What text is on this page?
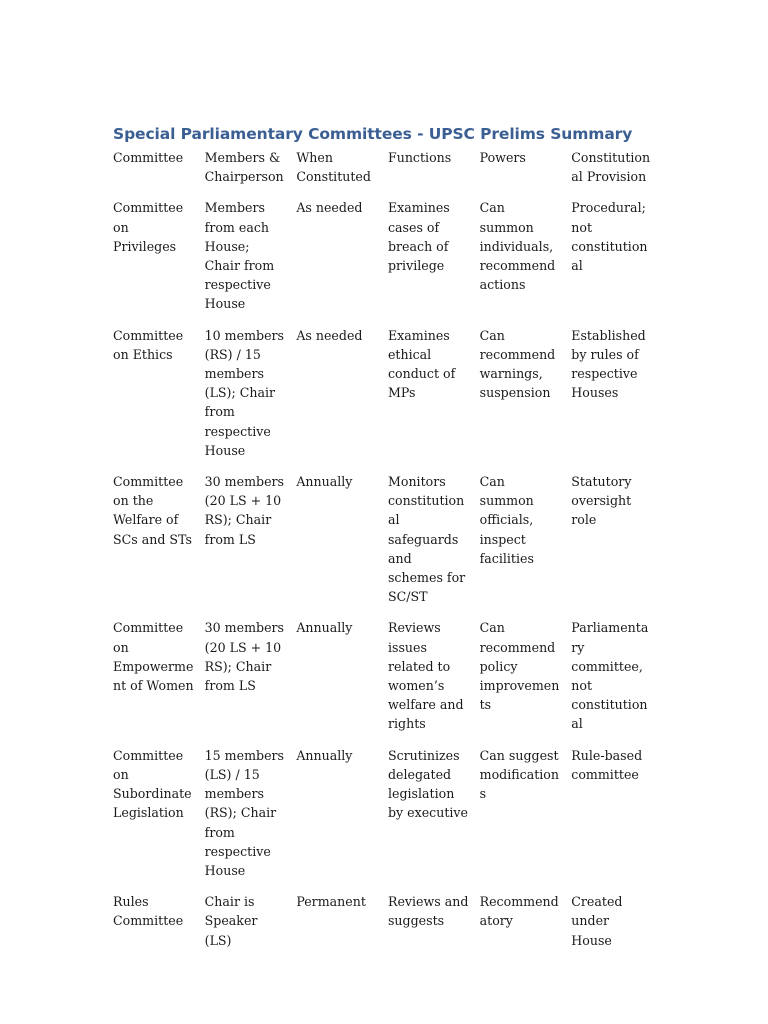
Special Parliamentary Committees - UPSC Prelims Summary
Committee	Members & Chairperson	When Constituted	Functions	Powers	Constitutional Provision
Committee on Privileges	Members from each House; Chair from respective House	As needed	Examines cases of breach of privilege	Can summon individuals, recommend actions	Procedural; not constitutional
Committee on Ethics	10 members (RS) / 15 members (LS); Chair from respective House	As needed	Examines ethical conduct of MPs	Can recommend warnings, suspension	Established by rules of respective Houses
Committee on the Welfare of SCs and STs	30 members (20 LS + 10 RS); Chair from LS	Annually	Monitors constitutional safeguards and schemes for SC/ST	Can summon officials, inspect facilities	Statutory oversight role
Committee on Empowerment of Women	30 members (20 LS + 10 RS); Chair from LS	Annually	Reviews issues related to women’s welfare and rights	Can recommend policy improvements	Parliamentary committee, not constitutional
Committee on Subordinate Legislation	15 members (LS) / 15 members (RS); Chair from respective House	Annually	Scrutinizes delegated legislation by executive	Can suggest modifications	Rule-based committee
Rules Committee	Chair is Speaker (LS)	Permanent	Reviews and suggests	Recommendatory	Created under House
